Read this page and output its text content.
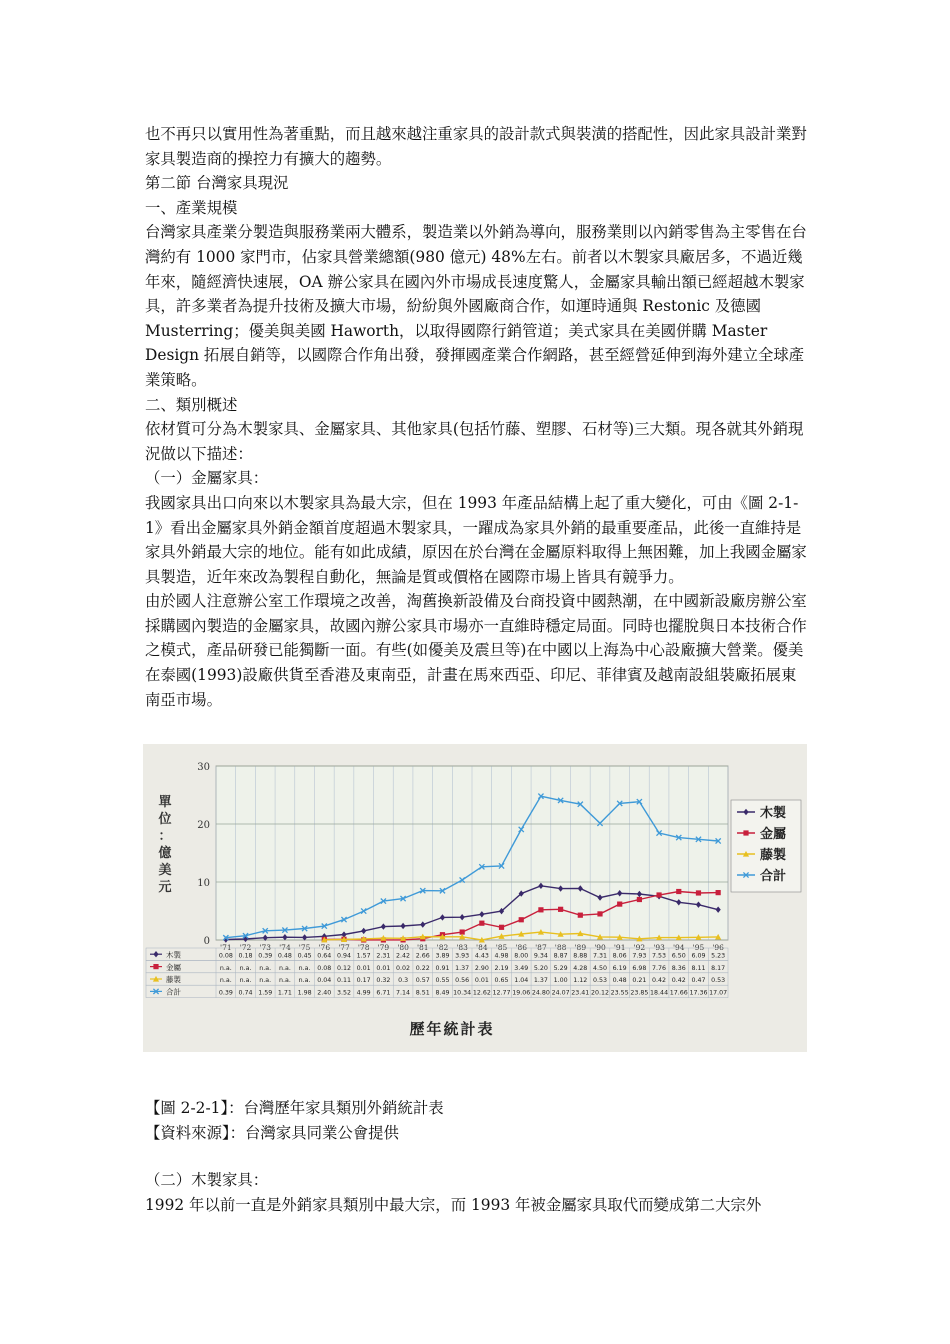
也不再只以實用性為著重點，而且越來越注重家具的設計款式與裝潢的搭配性，因此家具設計業對家具製造商的操控力有擴大的趨勢。

第二節 台灣家具現況

一、產業規模

台灣家具產業分製造與服務業兩大體系，製造業以外銷為導向，服務業則以內銷零售為主零售在台灣約有 1000 家門市，佔家具營業總額(980 億元) 48%左右。前者以木製家具廠居多，不過近幾年來，隨經濟快速展，OA 辦公家具在國內外市場成長速度驚人，金屬家具輸出額已經超越木製家具，許多業者為提升技術及擴大市場，紛紛與外國廠商合作，如運時通與 Restonic 及德國 Musterring；優美與美國 Haworth，以取得國際行銷管道；美式家具在美國併購 Master Design 拓展自銷等，以國際合作角出發，發揮國產業合作網路，甚至經營延伸到海外建立全球產業策略。

二、類別概述

依材質可分為木製家具、金屬家具、其他家具(包括竹藤、塑膠、石材等)三大類。現各就其外銷現況做以下描述：

（一）金屬家具：

我國家具出口向來以木製家具為最大宗，但在 1993 年產品結構上起了重大變化，可由《圖 2-1-1》看出金屬家具外銷金額首度超過木製家具，一躍成為家具外銷的最重要產品，此後一直維持是家具外銷最大宗的地位。能有如此成績，原因在於台灣在金屬原料取得上無困難，加上我國金屬家具製造，近年來改為製程自動化，無論是質或價格在國際市場上皆具有競爭力。

由於國人注意辦公室工作環境之改善，淘舊換新設備及台商投資中國熱潮，在中國新設廠房辦公室採購國內製造的金屬家具，故國內辦公家具市場亦一直維時穩定局面。同時也擺脫與日本技術合作之模式，產品研發已能獨斷一面。有些(如優美及震旦等)在中國以上海為中心設廠擴大營業。優美在泰國(1993)設廠供貨至香港及東南亞，計畫在馬來西亞、印尼、菲律賓及越南設組裝廠拓展東南亞市場。

0
10
20
30
'71 '72 '73 '74 '75 '76 '77 '78 '79 '80 '81 '82 '83 '84 '85 '86 '87 '88 '89 '90 '91 '92 '93 '94 '95 '96
單
位
：
億
美
元
木製
金屬
藤製
合計
木製	0.08 0.18 0.39 0.48 0.45 0.64 0.94 1.57 2.31 2.42 2.66 3.89 3.93 4.43 4.98 8.00 9.34 8.87 8.88 7.31 8.06 7.93 7.53 6.50 6.09 5.23
金屬	n.a. n.a. n.a. n.a. n.a. 0.08 0.12 0.01 0.01 0.02 0.22 0.91 1.37 2.90 2.19 3.49 5.20 5.29 4.28 4.50 6.19 6.98 7.76 8.36 8.11 8.17
藤製	n.a. n.a. n.a. n.a. n.a. 0.04 0.11 0.17 0.32 0.3 0.57 0.55 0.56 0.01 0.65 1.04 1.37 1.00 1.12 0.53 0.48 0.21 0.42 0.42 0.47 0.53
合計	0.39 0.74 1.59 1.71 1.98 2.40 3.52 4.99 6.71 7.14 8.51 8.49 10.34 12.62 12.77 19.06 24.80 24.07 23.41 20.12 23.55 23.85 18.44 17.66 17.36 17.07
歷年統計表
【圖 2-2-1】：台灣歷年家具類別外銷統計表
【資料來源】：台灣家具同業公會提供

（二）木製家具：

1992 年以前一直是外銷家具類別中最大宗，而 1993 年被金屬家具取代而變成第二大宗外
